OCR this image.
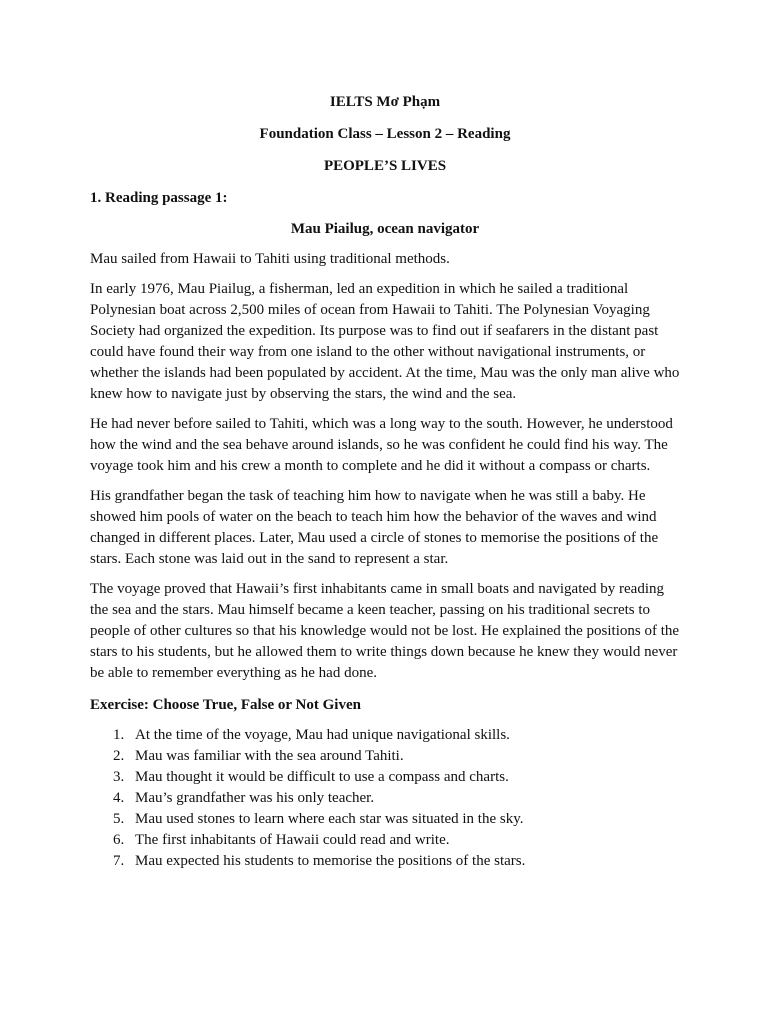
IELTS Mơ Phạm
Foundation Class – Lesson 2 – Reading
PEOPLE’S LIVES
1. Reading passage 1:
Mau Piailug, ocean navigator

Mau sailed from Hawaii to Tahiti using traditional methods.

In early 1976, Mau Piailug, a fisherman, led an expedition in which he sailed a traditional Polynesian boat across 2,500 miles of ocean from Hawaii to Tahiti. The Polynesian Voyaging Society had organized the expedition. Its purpose was to find out if seafarers in the distant past could have found their way from one island to the other without navigational instruments, or whether the islands had been populated by accident. At the time, Mau was the only man alive who knew how to navigate just by observing the stars, the wind and the sea.

He had never before sailed to Tahiti, which was a long way to the south. However, he understood how the wind and the sea behave around islands, so he was confident he could find his way. The voyage took him and his crew a month to complete and he did it without a compass or charts.

His grandfather began the task of teaching him how to navigate when he was still a baby. He showed him pools of water on the beach to teach him how the behavior of the waves and wind changed in different places. Later, Mau used a circle of stones to memorise the positions of the stars. Each stone was laid out in the sand to represent a star.

The voyage proved that Hawaii’s first inhabitants came in small boats and navigated by reading the sea and the stars. Mau himself became a keen teacher, passing on his traditional secrets to people of other cultures so that his knowledge would not be lost. He explained the positions of the stars to his students, but he allowed them to write things down because he knew they would never be able to remember everything as he had done.

Exercise: Choose True, False or Not Given
1. At the time of the voyage, Mau had unique navigational skills.
2. Mau was familiar with the sea around Tahiti.
3. Mau thought it would be difficult to use a compass and charts.
4. Mau’s grandfather was his only teacher.
5. Mau used stones to learn where each star was situated in the sky.
6. The first inhabitants of Hawaii could read and write.
7. Mau expected his students to memorise the positions of the stars.
